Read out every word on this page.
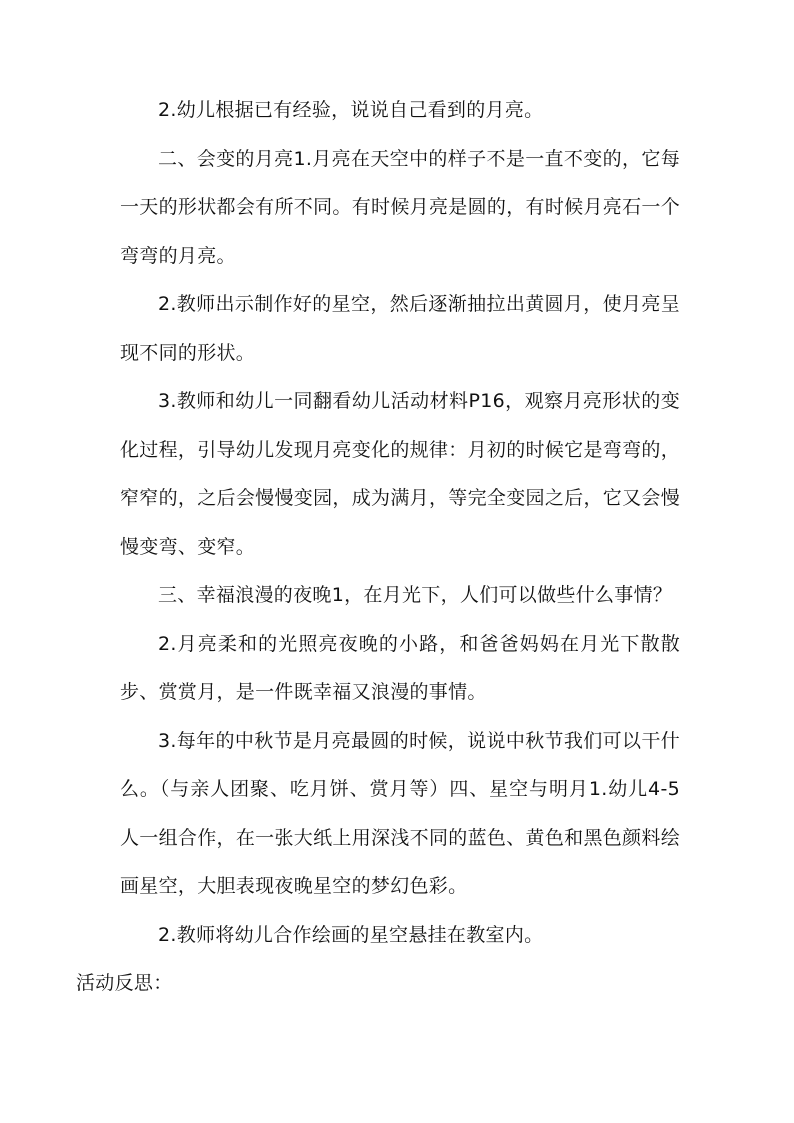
2.幼儿根据已有经验，说说自己看到的月亮。

二、会变的月亮1.月亮在天空中的样子不是一直不变的，它每一天的形状都会有所不同。有时候月亮是圆的，有时候月亮石一个弯弯的月亮。

2.教师出示制作好的星空，然后逐渐抽拉出黄圆月，使月亮呈现不同的形状。

3.教师和幼儿一同翻看幼儿活动材料P16，观察月亮形状的变化过程，引导幼儿发现月亮变化的规律：月初的时候它是弯弯的，窄窄的，之后会慢慢变园，成为满月，等完全变园之后，它又会慢慢变弯、变窄。

三、幸福浪漫的夜晚1，在月光下，人们可以做些什么事情？

2.月亮柔和的光照亮夜晚的小路，和爸爸妈妈在月光下散散步、赏赏月，是一件既幸福又浪漫的事情。

3.每年的中秋节是月亮最圆的时候，说说中秋节我们可以干什么。（与亲人团聚、吃月饼、赏月等）四、星空与明月1.幼儿4-5人一组合作，在一张大纸上用深浅不同的蓝色、黄色和黑色颜料绘画星空，大胆表现夜晚星空的梦幻色彩。

2.教师将幼儿合作绘画的星空悬挂在教室内。

活动反思：
